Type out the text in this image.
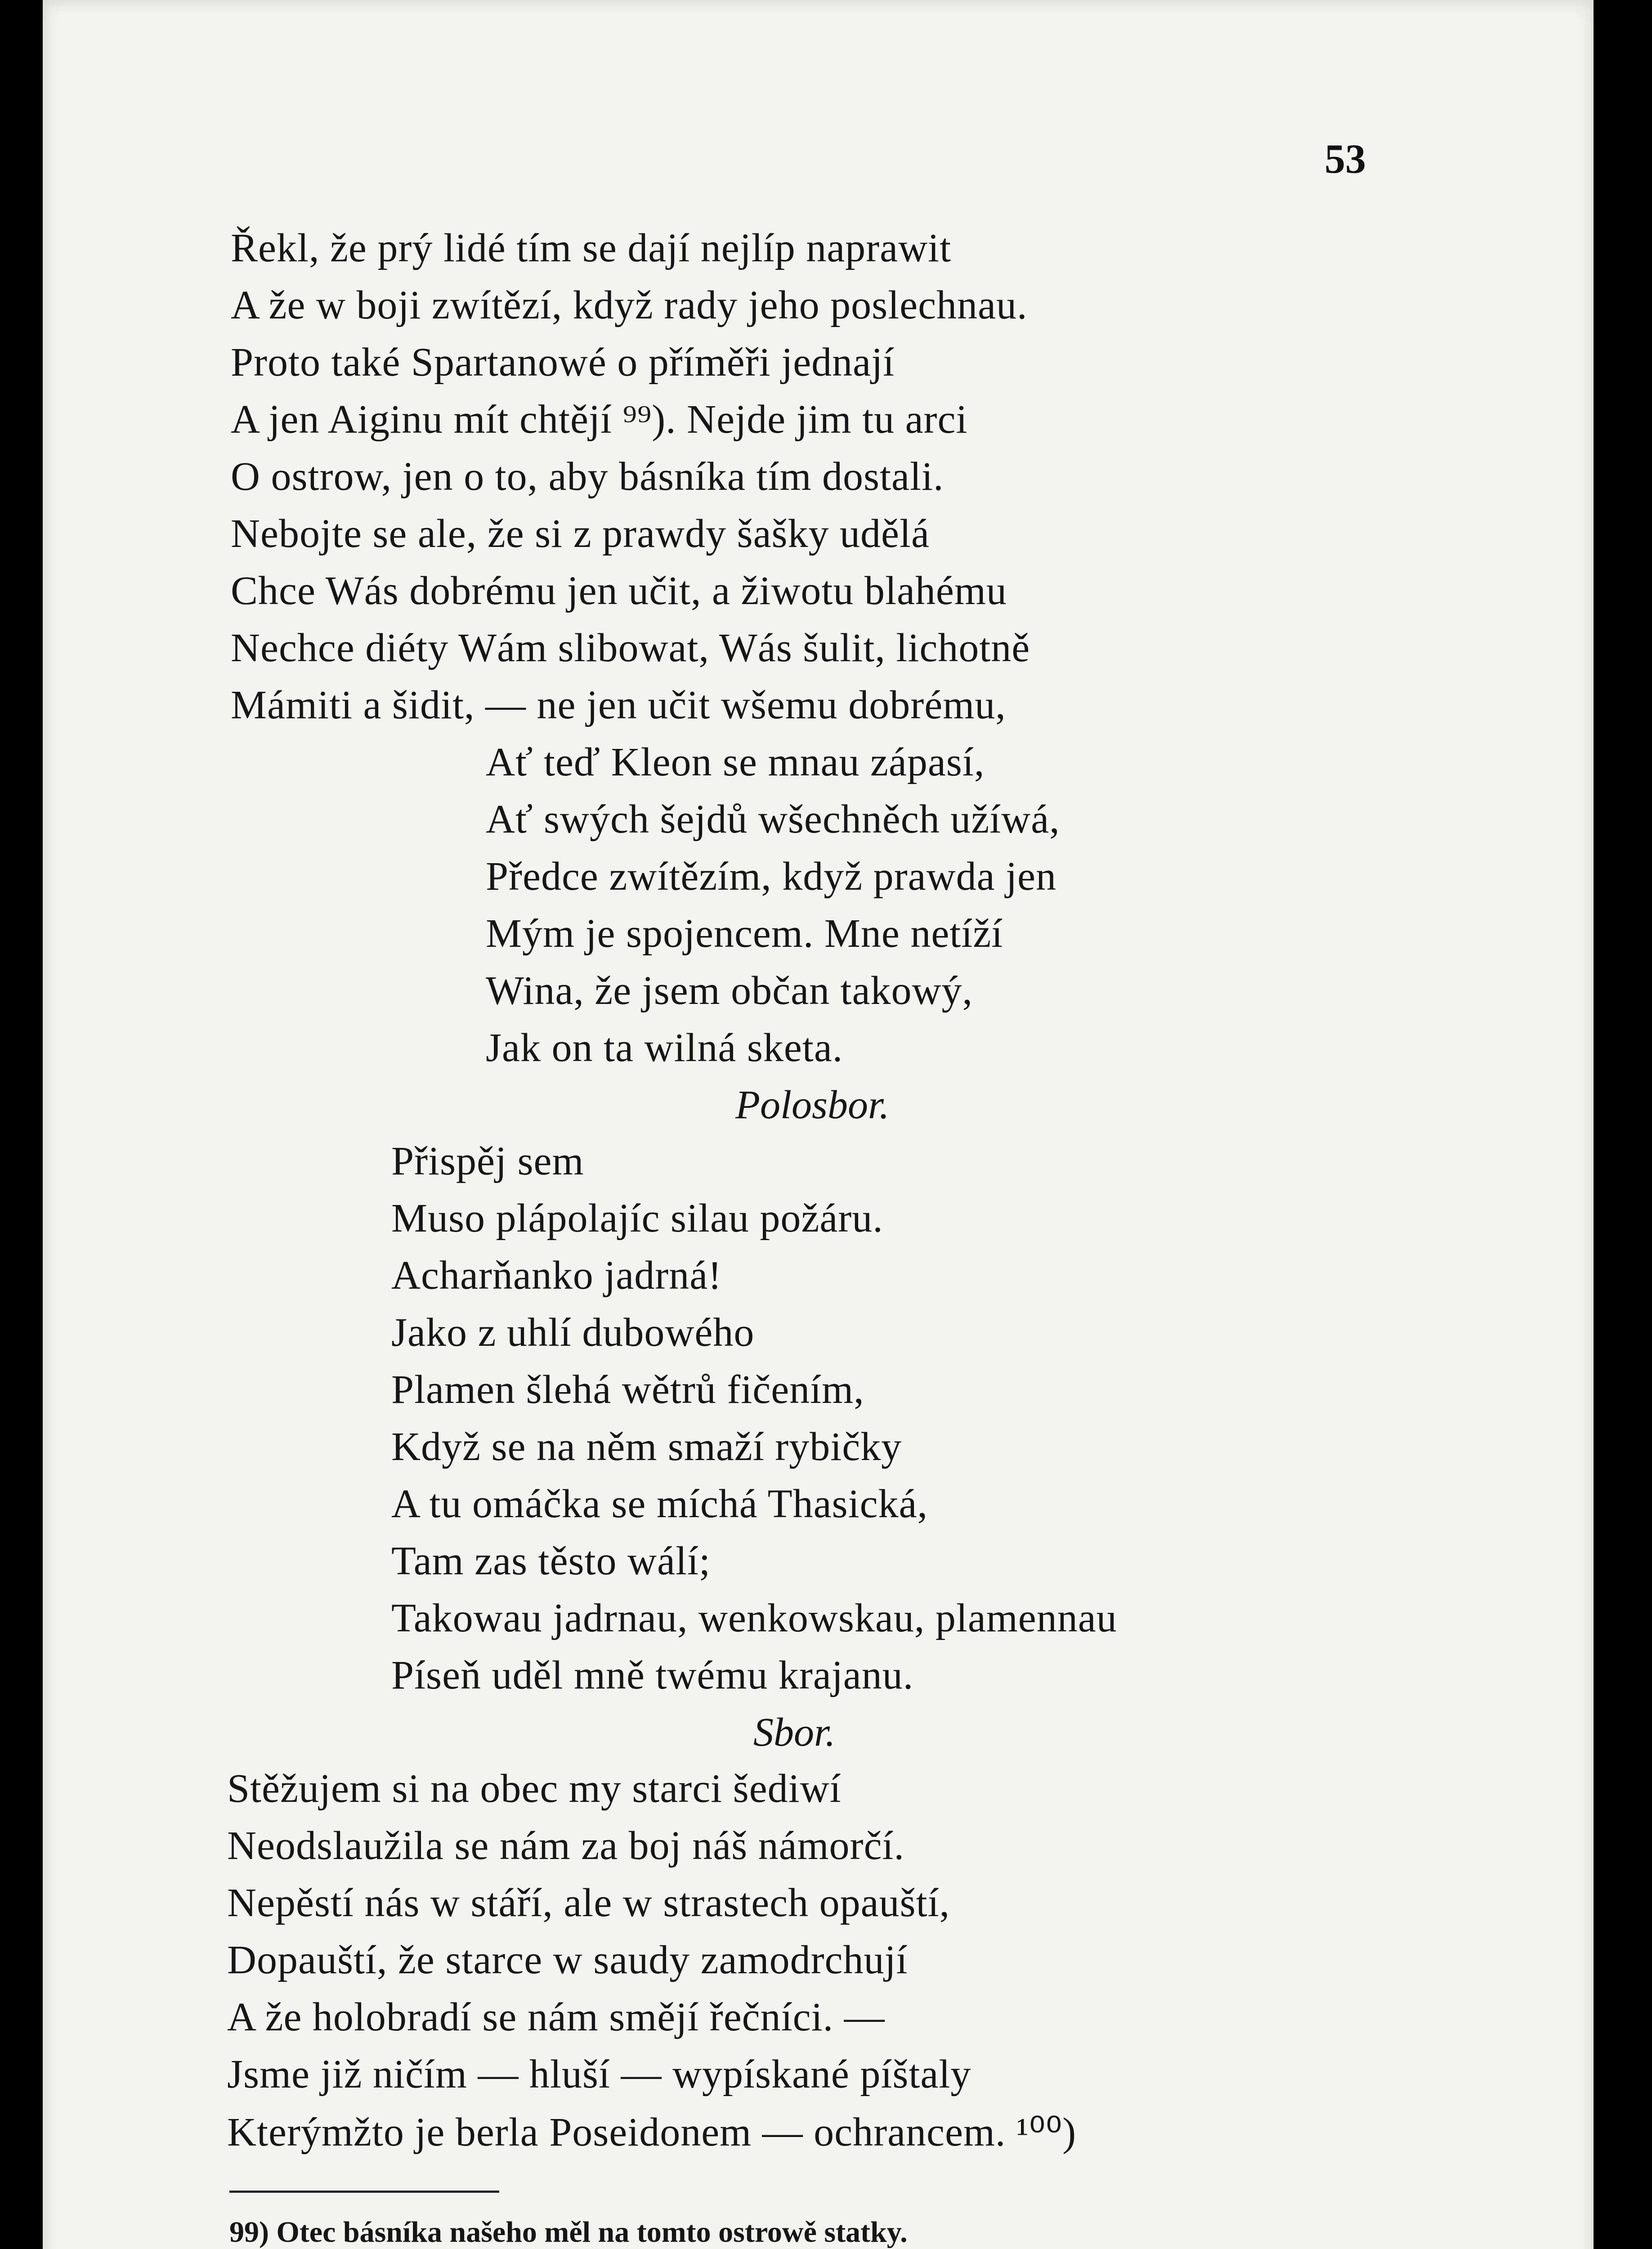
53
Řekl, že prý lidé tím se dají nejlíp naprawit
A že w boji zwítězí, když rady jeho poslechnau.
Proto také Spartanowé o příměři jednají
A jen Aiginu mít chtějí ⁹⁹). Nejde jim tu arci
O ostrow, jen o to, aby básníka tím dostali.
Nebojte se ale, že si z prawdy šašky udělá
Chce Wás dobrému jen učit, a žiwotu blahému
Nechce diéty Wám slibowat, Wás šulit, lichotně
Mámiti a šidit, — ne jen učit wšemu dobrému,
Ať teď Kleon se mnau zápasí,
Ať swých šejdů wšechněch užíwá,
Předce zwítězím, když prawda jen
Mým je spojencem. Mne netíží
Wina, že jsem občan takowý,
Jak on ta wilná sketa.
Polosbor.
Přispěj sem
Muso plápolajíc silau požáru.
Acharňanko jadrná!
Jako z uhlí dubowého
Plamen šlehá wětrů fičením,
Když se na něm smaží rybičky
A tu omáčka se míchá Thasická,
Tam zas těsto wálí;
Takowau jadrnau, wenkowskau, plamennau
Píseň uděl mně twému krajanu.
Sbor.
Stěžujem si na obec my starci šediwí
Neodslaužila se nám za boj náš námorčí.
Nepěstí nás w stáří, ale w strastech opauští,
Dopauští, že starce w saudy zamodrchují
A že holobradí se nám smějí řečníci. —
Jsme již ničím — hluší — wypískané píštaly
Kterýmžto je berla Poseidonem — ochrancem. ¹⁰⁰)
99) Otec básníka našeho měl na tomto ostrowě statky.
